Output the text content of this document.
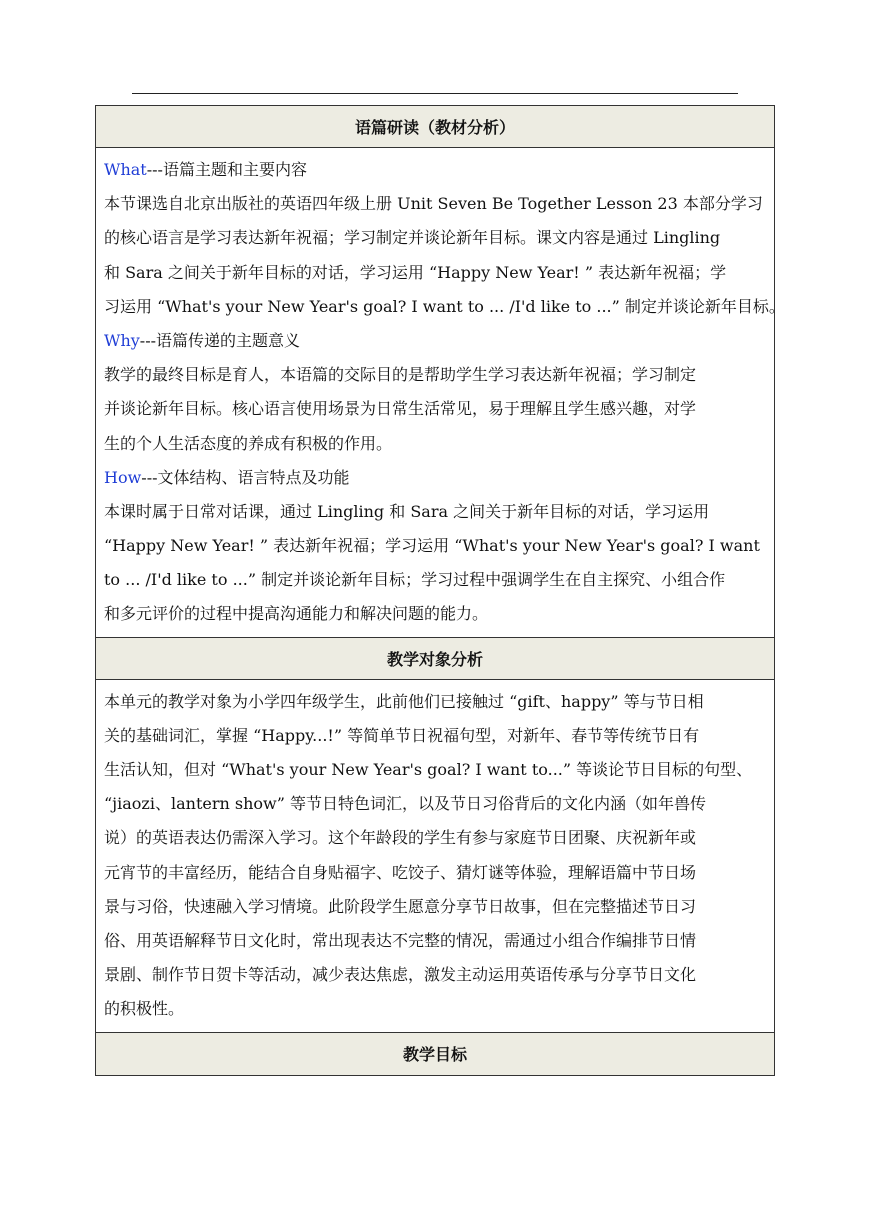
语篇研读（教材分析）
What---语篇主题和主要内容
本节课选自北京出版社的英语四年级上册 Unit Seven Be Together Lesson 23 本部分学习
的核心语言是学习表达新年祝福；学习制定并谈论新年目标。课文内容是通过 Lingling
和 Sara 之间关于新年目标的对话，学习运用 “Happy New Year! ” 表达新年祝福；学
习运用 “What's your New Year's goal? I want to ... /I'd like to ...” 制定并谈论新年目标。
Why---语篇传递的主题意义
教学的最终目标是育人，本语篇的交际目的是帮助学生学习表达新年祝福；学习制定
并谈论新年目标。核心语言使用场景为日常生活常见，易于理解且学生感兴趣，对学
生的个人生活态度的养成有积极的作用。
How---文体结构、语言特点及功能
本课时属于日常对话课，通过 Lingling 和 Sara 之间关于新年目标的对话，学习运用
“Happy New Year! ” 表达新年祝福；学习运用 “What's your New Year's goal? I want
to ... /I'd like to ...” 制定并谈论新年目标；学习过程中强调学生在自主探究、小组合作
和多元评价的过程中提高沟通能力和解决问题的能力。
教学对象分析
本单元的教学对象为小学四年级学生，此前他们已接触过 “gift、happy” 等与节日相
关的基础词汇，掌握 “Happy...!” 等简单节日祝福句型，对新年、春节等传统节日有
生活认知，但对 “What's your New Year's goal? I want to...” 等谈论节日目标的句型、
“jiaozi、lantern show” 等节日特色词汇，以及节日习俗背后的文化内涵（如年兽传
说）的英语表达仍需深入学习。这个年龄段的学生有参与家庭节日团聚、庆祝新年或
元宵节的丰富经历，能结合自身贴福字、吃饺子、猜灯谜等体验，理解语篇中节日场
景与习俗，快速融入学习情境。此阶段学生愿意分享节日故事，但在完整描述节日习
俗、用英语解释节日文化时，常出现表达不完整的情况，需通过小组合作编排节日情
景剧、制作节日贺卡等活动，减少表达焦虑，激发主动运用英语传承与分享节日文化
的积极性。
教学目标
